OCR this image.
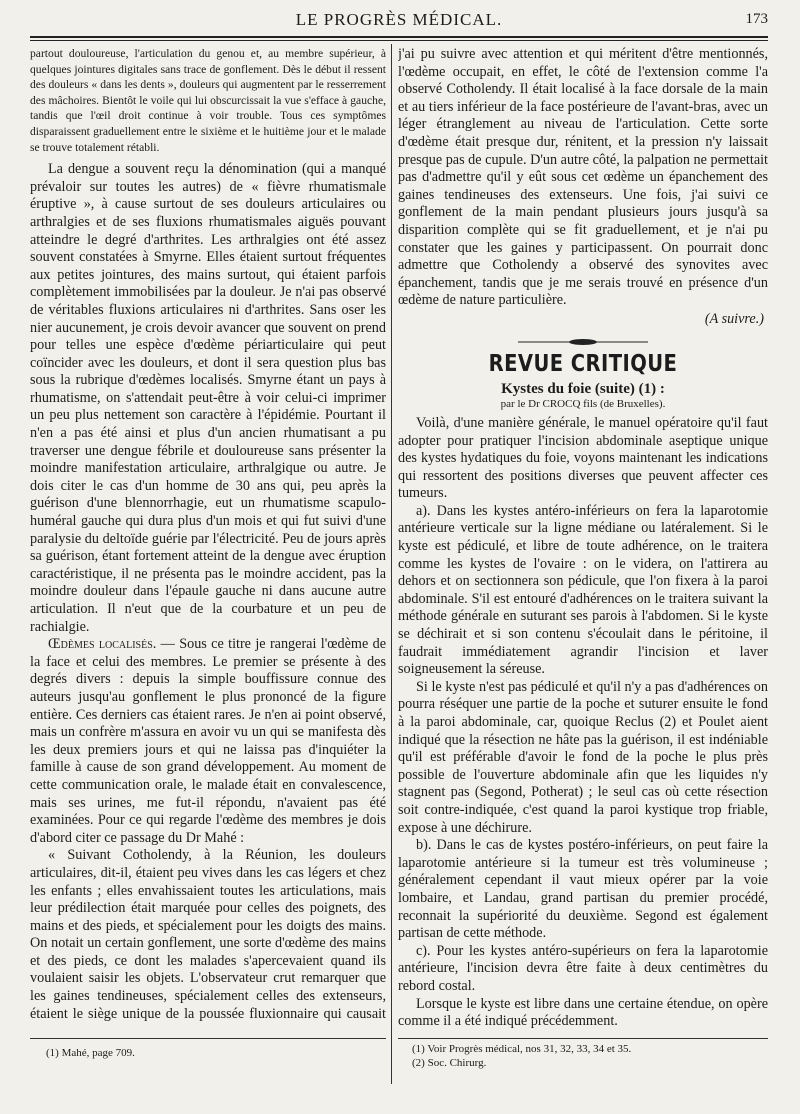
LE PROGRÈS MÉDICAL.	173

partout douloureuse, l'articulation du genou et, au membre supérieur, à quelques jointures digitales sans trace de gonflement. Dès le début il ressent des douleurs « dans les dents », douleurs qui augmentent par le resserrement des mâchoires. Bientôt le voile qui lui obscurcissait la vue s'efface à gauche, tandis que l'œil droit continue à voir trouble. Tous ces symptômes disparaissent graduellement entre le sixième et le huitième jour et le malade se trouve totalement rétabli.

La dengue a souvent reçu la dénomination (qui a manqué prévaloir sur toutes les autres) de « fièvre rhumatismale éruptive », à cause surtout de ses douleurs articulaires ou arthralgies et de ses fluxions rhumatismales aiguës pouvant atteindre le degré d'arthrites. Les arthralgies ont été assez souvent constatées à Smyrne. Elles étaient surtout fréquentes aux petites jointures, des mains surtout, qui étaient parfois complètement immobilisées par la douleur. Je n'ai pas observé de véritables fluxions articulaires ni d'arthrites. Sans oser les nier aucunement, je crois devoir avancer que souvent on prend pour telles une espèce d'œdème périarticulaire qui peut coïncider avec les douleurs, et dont il sera question plus bas sous la rubrique d'œdèmes localisés. Smyrne étant un pays à rhumatisme, on s'attendait peut-être à voir celui-ci imprimer un peu plus nettement son caractère à l'épidémie. Pourtant il n'en a pas été ainsi et plus d'un ancien rhumatisant a pu traverser une dengue fébrile et douloureuse sans présenter la moindre manifestation articulaire, arthralgique ou autre. Je dois citer le cas d'un homme de 30 ans qui, peu après la guérison d'une blennorrhagie, eut un rhumatisme scapulo-huméral gauche qui dura plus d'un mois et qui fut suivi d'une paralysie du deltoïde guérie par l'électricité. Peu de jours après sa guérison, étant fortement atteint de la dengue avec éruption caractéristique, il ne présenta pas le moindre accident, pas la moindre douleur dans l'épaule gauche ni dans aucune autre articulation. Il n'eut que de la courbature et un peu de rachialgie.

Œdèmes localisés. — Sous ce titre je rangerai l'œdème de la face et celui des membres. Le premier se présente à des degrés divers : depuis la simple bouffissure connue des auteurs jusqu'au gonflement le plus prononcé de la figure entière. Ces derniers cas étaient rares. Je n'en ai point observé, mais un confrère m'assura en avoir vu un qui se manifesta dès les deux premiers jours et qui ne laissa pas d'inquiéter la famille à cause de son grand développement. Au moment de cette communication orale, le malade était en convalescence, mais ses urines, me fut-il répondu, n'avaient pas été examinées. Pour ce qui regarde l'œdème des membres je dois d'abord citer ce passage du Dr Mahé :

« Suivant Cotholendy, à la Réunion, les douleurs articulaires, dit-il, étaient peu vives dans les cas légers et chez les enfants ; elles envahissaient toutes les articulations, mais leur prédilection était marquée pour celles des poignets, des mains et des pieds, et spécialement pour les doigts des mains. On notait un certain gonflement, une sorte d'œdème des mains et des pieds, ce dont les malades s'apercevaient quand ils voulaient saisir les objets. L'observateur crut remarquer que les gaines tendineuses, spécialement celles des extenseurs, étaient le siège unique de la poussée fluxionnaire qui causait

(1) Mahé, page 709.

j'ai pu suivre avec attention et qui méritent d'être mentionnés, l'œdème occupait, en effet, le côté de l'extension comme l'a observé Cotholendy. Il était localisé à la face dorsale de la main et au tiers inférieur de la face postérieure de l'avant-bras, avec un léger étranglement au niveau de l'articulation. Cette sorte d'œdème était presque dur, rénitent, et la pression n'y laissait presque pas de cupule. D'un autre côté, la palpation ne permettait pas d'admettre qu'il y eût sous cet œdème un épanchement des gaines tendineuses des extenseurs. Une fois, j'ai suivi ce gonflement de la main pendant plusieurs jours jusqu'à sa disparition complète qui se fit graduellement, et je n'ai pu constater que les gaines y participassent. On pourrait donc admettre que Cotholendy a observé des synovites avec épanchement, tandis que je me serais trouvé en présence d'un œdème de nature particulière.

(A suivre.)

REVUE CRITIQUE

Kystes du foie (suite) (1) :

par le Dr CROCQ fils (de Bruxelles).

Voilà, d'une manière générale, le manuel opératoire qu'il faut adopter pour pratiquer l'incision abdominale aseptique unique des kystes hydatiques du foie, voyons maintenant les indications qui ressortent des positions diverses que peuvent affecter ces tumeurs.

a). Dans les kystes antéro-inférieurs on fera la laparotomie antérieure verticale sur la ligne médiane ou latéralement. Si le kyste est pédiculé, et libre de toute adhérence, on le traitera comme les kystes de l'ovaire : on le videra, on l'attirera au dehors et on sectionnera son pédicule, que l'on fixera à la paroi abdominale. S'il est entouré d'adhérences on le traitera suivant la méthode générale en suturant ses parois à l'abdomen. Si le kyste se déchirait et si son contenu s'écoulait dans le péritoine, il faudrait immédiatement agrandir l'incision et laver soigneusement la séreuse.

Si le kyste n'est pas pédiculé et qu'il n'y a pas d'adhérences on pourra réséquer une partie de la poche et suturer ensuite le fond à la paroi abdominale, car, quoique Reclus (2) et Poulet aient indiqué que la résection ne hâte pas la guérison, il est indéniable qu'il est préférable d'avoir le fond de la poche le plus près possible de l'ouverture abdominale afin que les liquides n'y stagnent pas (Segond, Potherat) ; le seul cas où cette résection soit contre-indiquée, c'est quand la paroi kystique trop friable, expose à une déchirure.

b). Dans le cas de kystes postéro-inférieurs, on peut faire la laparotomie antérieure si la tumeur est très volumineuse ; généralement cependant il vaut mieux opérer par la voie lombaire, et Landau, grand partisan du premier procédé, reconnait la supériorité du deuxième. Segond est également partisan de cette méthode.

c). Pour les kystes antéro-supérieurs on fera la laparotomie antérieure, l'incision devra être faite à deux centimètres du rebord costal.

Lorsque le kyste est libre dans une certaine étendue, on opère comme il a été indiqué précédemment.

(1) Voir Progrès médical, nos 31, 32, 33, 34 et 35.
(2) Soc. Chirurg.
